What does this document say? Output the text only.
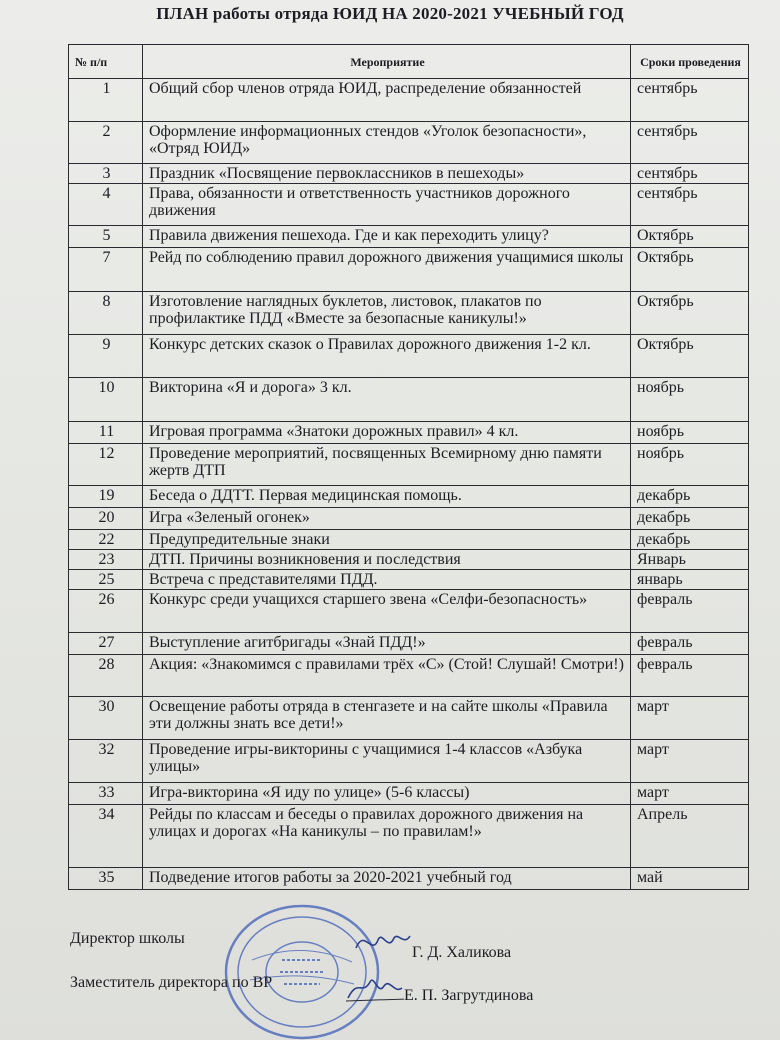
ПЛАН работы отряда ЮИД НА 2020-2021 УЧЕБНЫЙ ГОД
№ п/п	Мероприятие	Сроки проведения
1	Общий сбор членов отряда ЮИД, распределение обязанностей	сентябрь
2	Оформление информационных стендов «Уголок безопасности», «Отряд ЮИД»	сентябрь
3	Праздник «Посвящение первоклассников в пешеходы»	сентябрь
4	Права, обязанности и ответственность участников дорожного движения	сентябрь
5	Правила движения пешехода. Где и как переходить улицу?	Октябрь
7	Рейд по соблюдению правил дорожного движения учащимися школы	Октябрь
8	Изготовление наглядных буклетов, листовок, плакатов по профилактике ПДД «Вместе за безопасные каникулы!»	Октябрь
9	Конкурс детских сказок о Правилах дорожного движения 1-2 кл.	Октябрь
10	Викторина «Я и дорога» 3 кл.	ноябрь
11	Игровая программа «Знатоки дорожных правил» 4 кл.	ноябрь
12	Проведение мероприятий, посвященных Всемирному дню памяти жертв ДТП	ноябрь
19	Беседа о ДДТТ. Первая медицинская помощь.	декабрь
20	Игра «Зеленый огонек»	декабрь
22	Предупредительные знаки	декабрь
23	ДТП. Причины возникновения и последствия	Январь
25	Встреча с представителями ПДД.	январь
26	Конкурс среди учащихся старшего звена «Селфи-безопасность»	февраль
27	Выступление агитбригады «Знай ПДД!»	февраль
28	Акция: «Знакомимся с правилами трёх «С» (Стой! Слушай! Смотри!)	февраль
30	Освещение работы отряда в стенгазете и на сайте школы «Правила эти должны знать все дети!»	март
32	Проведение игры-викторины с учащимися 1-4 классов «Азбука улицы»	март
33	Игра-викторина «Я иду по улице» (5-6 классы)	март
34	Рейды по классам и беседы о правилах дорожного движения на улицах и дорогах «На каникулы – по правилам!»	Апрель
35	Подведение итогов работы за 2020-2021 учебный год	май
Директор школы
Г. Д. Халикова
Заместитель директора по ВР
Е. П. Загрутдинова
